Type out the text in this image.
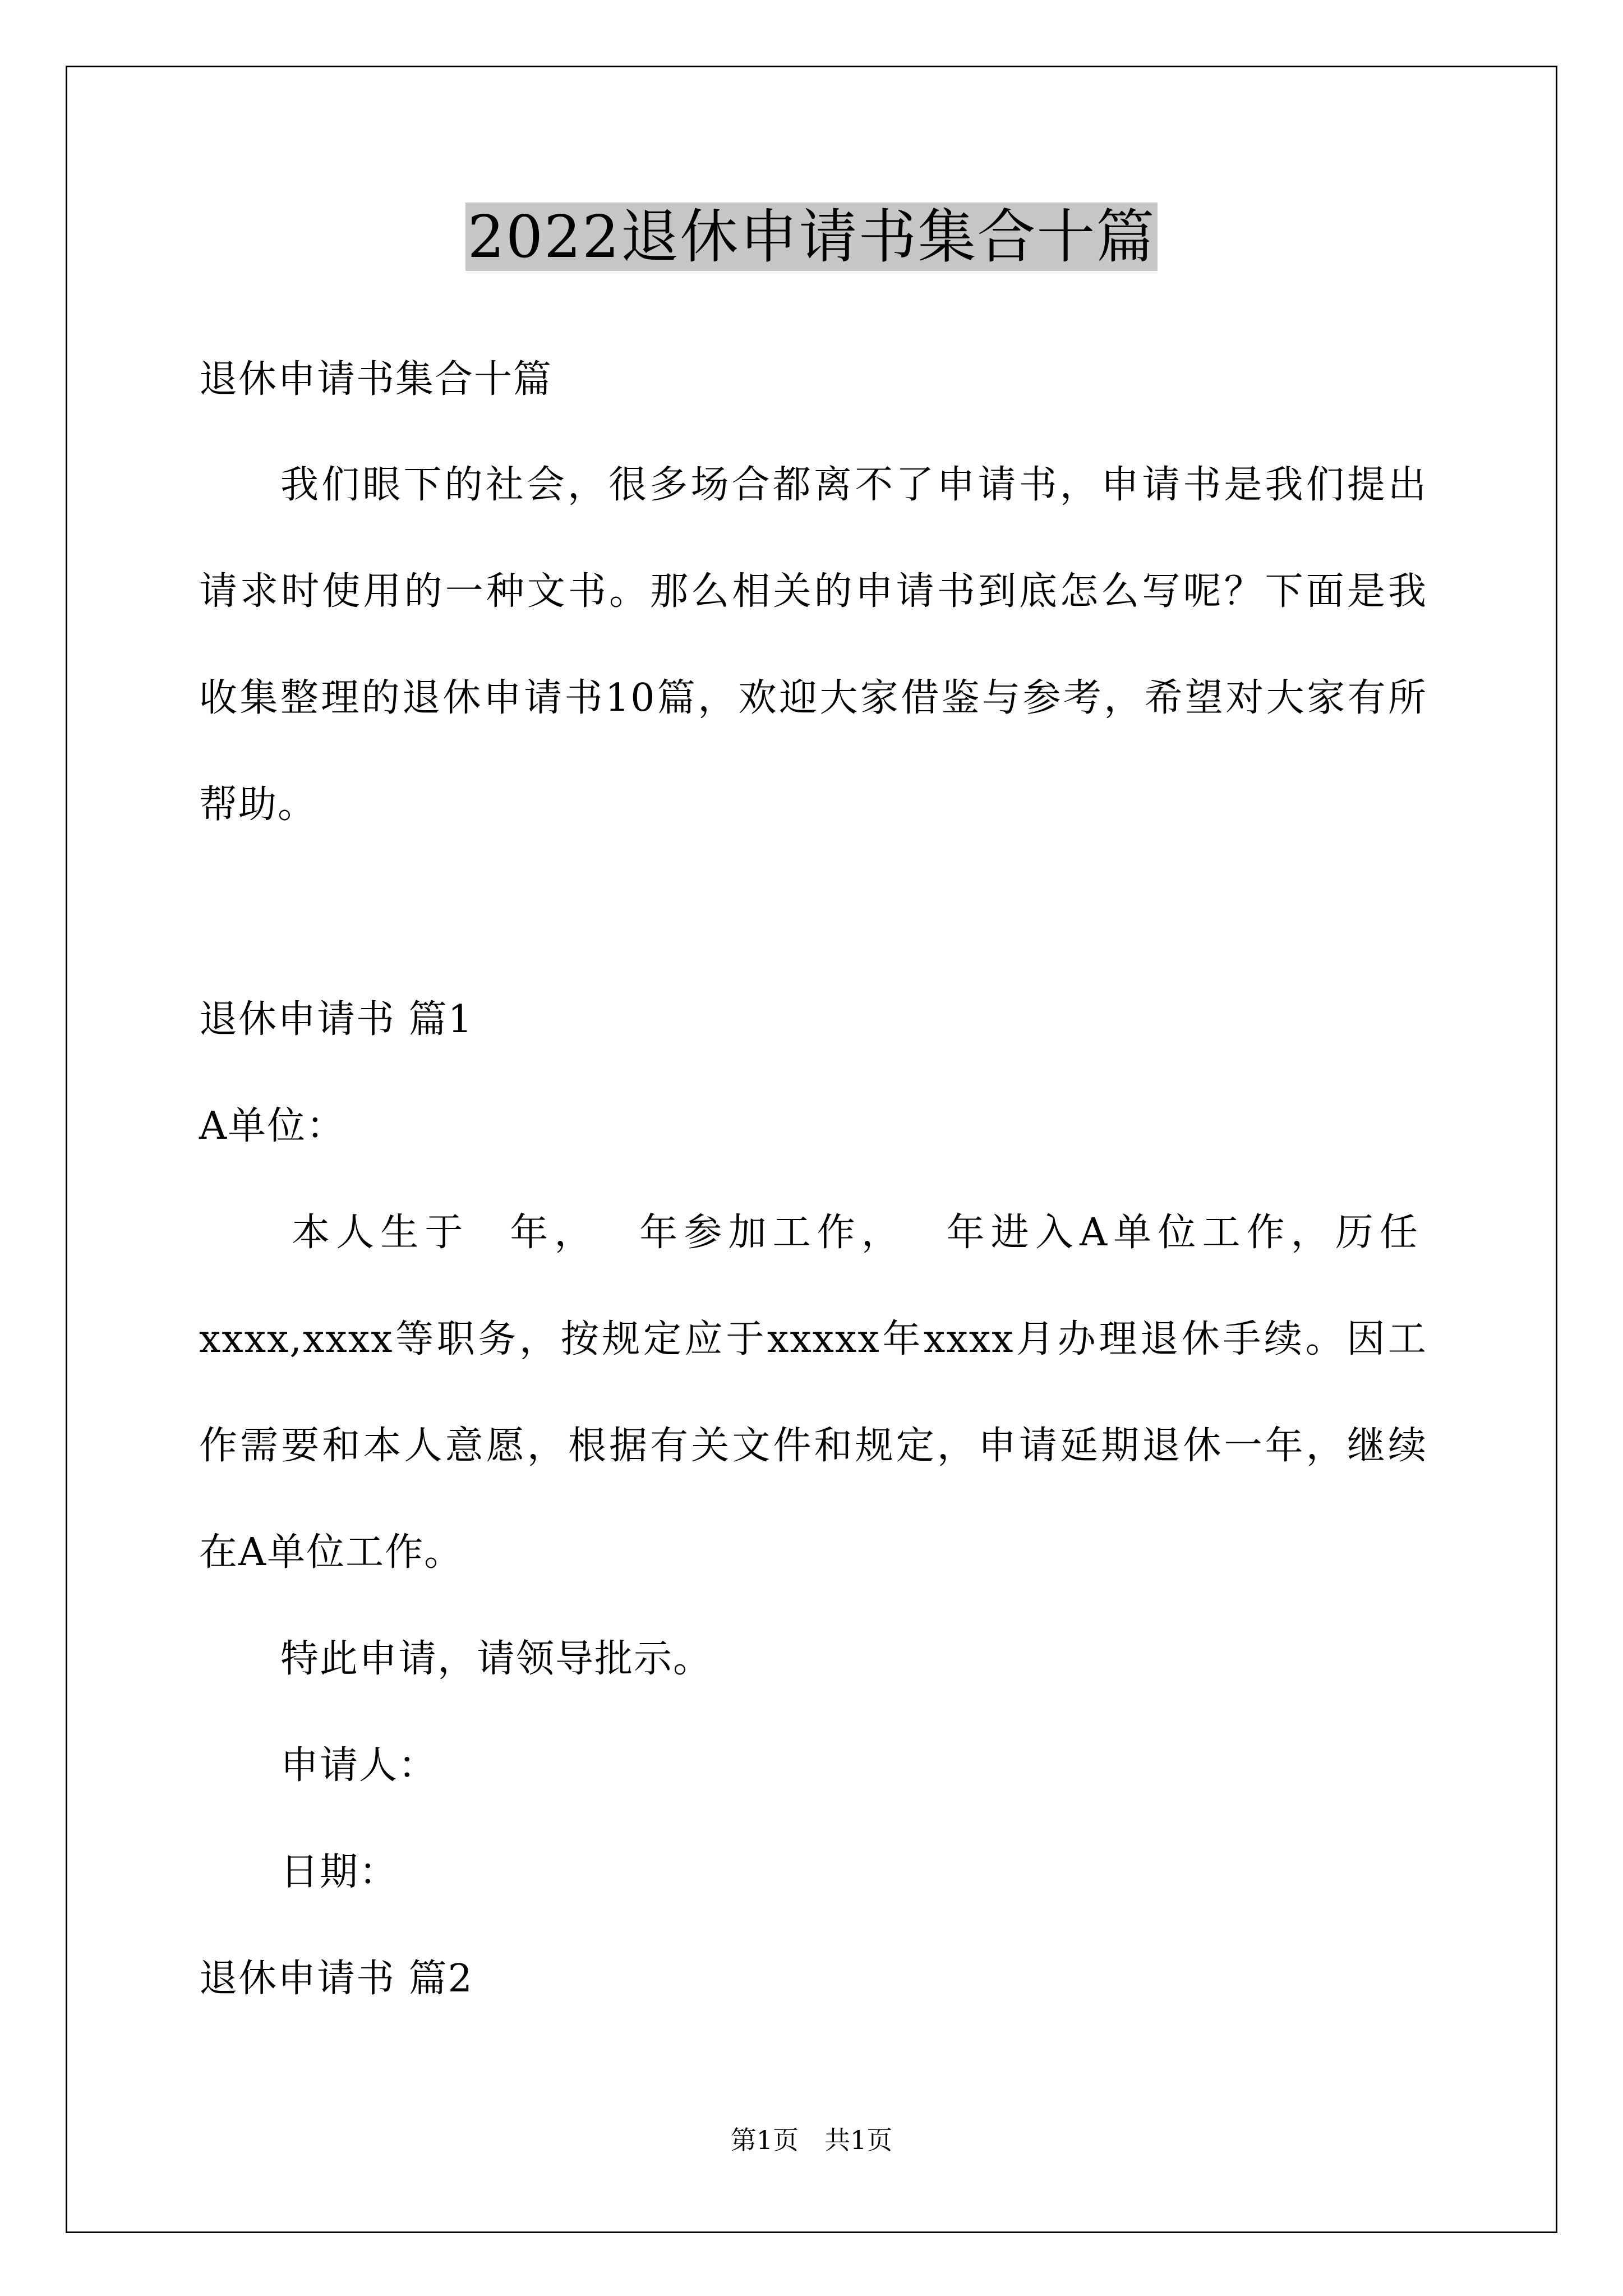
2022退休申请书集合十篇
退休申请书集合十篇
我们眼下的社会，很多场合都离不了申请书，申请书是我们提出
请求时使用的一种文书。那么相关的申请书到底怎么写呢？下面是我
收集整理的退休申请书10篇，欢迎大家借鉴与参考，希望对大家有所
帮助。
退休申请书 篇1
A单位：
本人生于 年， 年参加工作， 年进入A单位工作，历任
xxxx,xxxx等职务，按规定应于xxxxx年xxxx月办理退休手续。因工
作需要和本人意愿，根据有关文件和规定，申请延期退休一年，继续
在A单位工作。
特此申请，请领导批示。
申请人：
日期：
退休申请书 篇2
第1页　共1页
